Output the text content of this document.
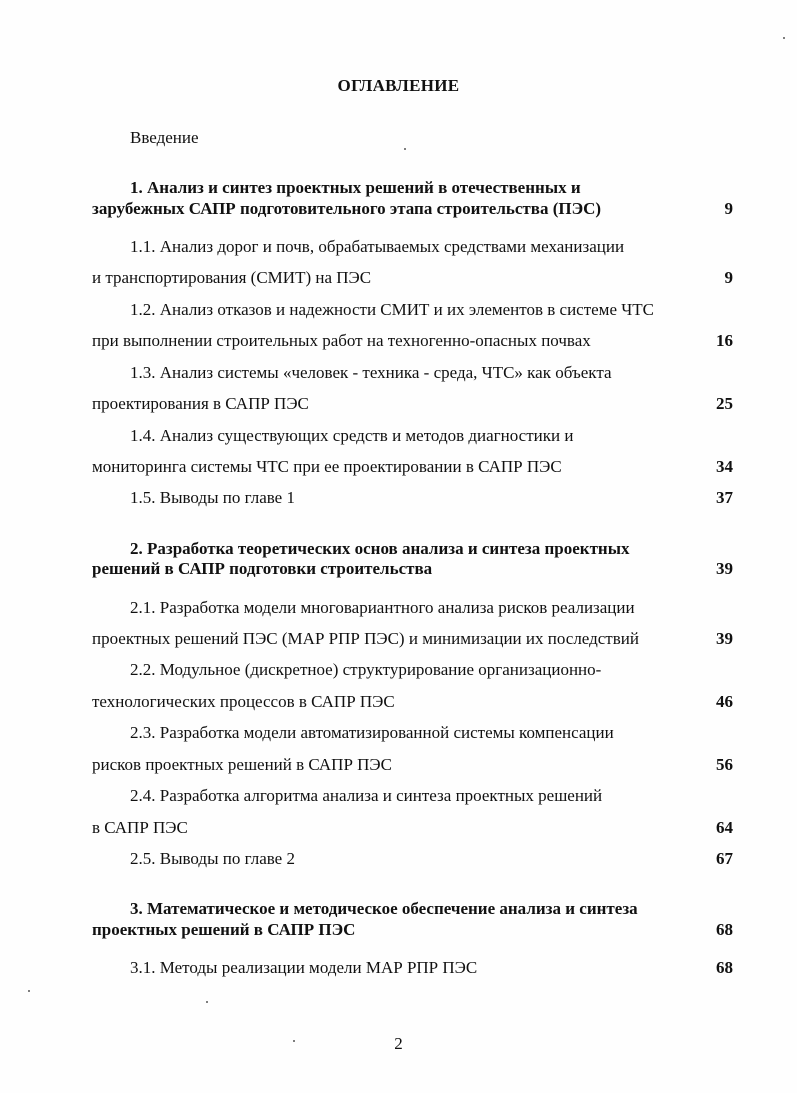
ОГЛАВЛЕНИЕ
Введение
1. Анализ и синтез проектных решений в отечественных и
зарубежных САПР подготовительного этапа строительства (ПЭС)	9
1.1. Анализ дорог и почв, обрабатываемых средствами механизации
и транспортирования (СМИТ) на ПЭС	9
1.2. Анализ отказов и надежности СМИТ и их элементов в системе ЧТС
при выполнении строительных работ на техногенно-опасных почвах	16
1.3. Анализ системы «человек - техника - среда, ЧТС» как объекта
проектирования в САПР ПЭС	25
1.4. Анализ существующих средств и методов диагностики и
мониторинга системы ЧТС при ее проектировании в САПР ПЭС	34
1.5. Выводы по главе 1	37
2. Разработка теоретических основ анализа и синтеза проектных
решений в САПР подготовки строительства	39
2.1. Разработка модели многовариантного анализа рисков реализации
проектных решений ПЭС (МАР РПР ПЭС) и минимизации их последствий	39
2.2. Модульное (дискретное) структурирование организационно-
технологических процессов в САПР ПЭС	46
2.3. Разработка модели автоматизированной системы компенсации
рисков проектных решений в САПР ПЭС	56
2.4. Разработка алгоритма анализа и синтеза проектных решений
в САПР ПЭС	64
2.5. Выводы по главе 2	67
3. Математическое и методическое обеспечение анализа и синтеза
проектных решений в САПР ПЭС	68
3.1. Методы реализации модели МАР РПР ПЭС	68
2
